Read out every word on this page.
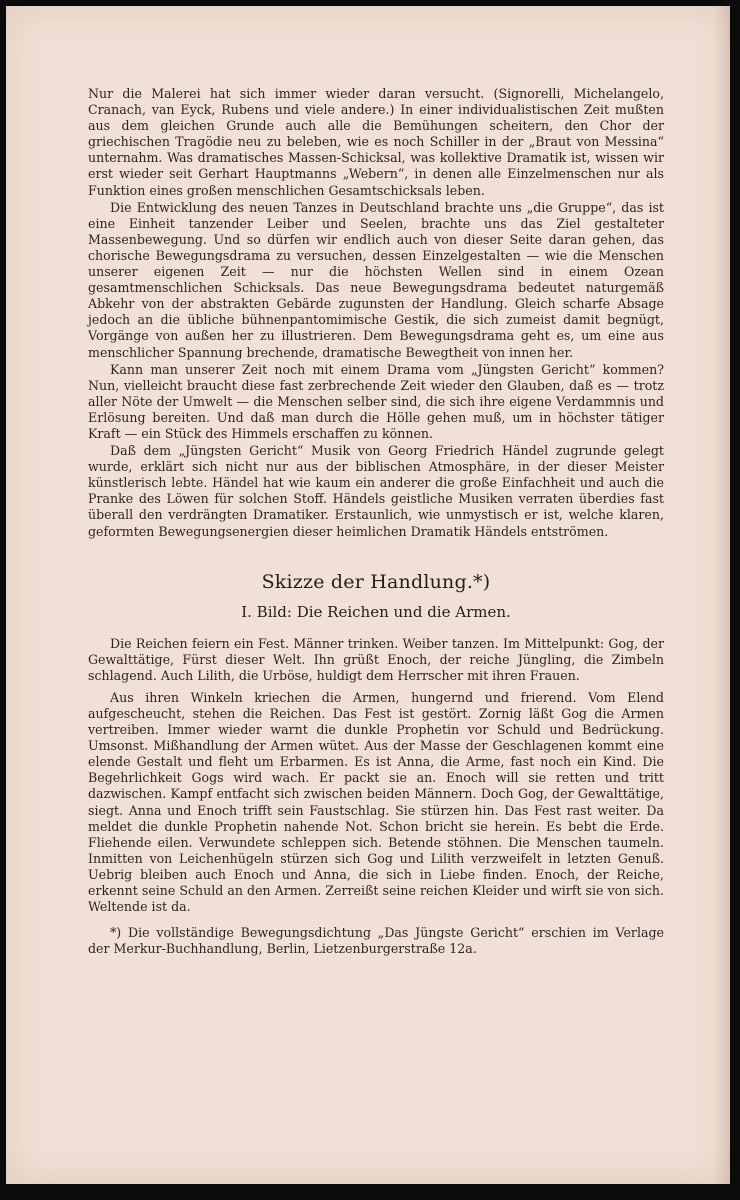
Nur die Malerei hat sich immer wieder daran versucht. (Signorelli, Michelangelo, Cranach, van Eyck, Rubens und viele andere.) In einer individualistischen Zeit mußten aus dem gleichen Grunde auch alle die Bemühungen scheitern, den Chor der griechischen Tragödie neu zu beleben, wie es noch Schiller in der „Braut von Messina“ unternahm. Was dramatisches Massen-Schicksal, was kollektive Dramatik ist, wissen wir erst wieder seit Gerhart Hauptmanns „Webern“, in denen alle Einzelmenschen nur als Funktion eines großen menschlichen Gesamtschicksals leben.

Die Entwicklung des neuen Tanzes in Deutschland brachte uns „die Gruppe“, das ist eine Einheit tanzender Leiber und Seelen, brachte uns das Ziel gestalteter Massenbewegung. Und so dürfen wir endlich auch von dieser Seite daran gehen, das chorische Bewegungsdrama zu versuchen, dessen Einzelgestalten — wie die Menschen unserer eigenen Zeit — nur die höchsten Wellen sind in einem Ozean gesamtmenschlichen Schicksals. Das neue Bewegungsdrama bedeutet naturgemäß Abkehr von der abstrakten Gebärde zugunsten der Handlung. Gleich scharfe Absage jedoch an die übliche bühnenpantomimische Gestik, die sich zumeist damit begnügt, Vorgänge von außen her zu illustrieren. Dem Bewegungsdrama geht es, um eine aus menschlicher Spannung brechende, dramatische Bewegtheit von innen her.

Kann man unserer Zeit noch mit einem Drama vom „Jüngsten Gericht“ kommen? Nun, vielleicht braucht diese fast zerbrechende Zeit wieder den Glauben, daß es — trotz aller Nöte der Umwelt — die Menschen selber sind, die sich ihre eigene Verdammnis und Erlösung bereiten. Und daß man durch die Hölle gehen muß, um in höchster tätiger Kraft — ein Stück des Himmels erschaffen zu können.

Daß dem „Jüngsten Gericht“ Musik von Georg Friedrich Händel zugrunde gelegt wurde, erklärt sich nicht nur aus der biblischen Atmosphäre, in der dieser Meister künstlerisch lebte. Händel hat wie kaum ein anderer die große Einfachheit und auch die Pranke des Löwen für solchen Stoff. Händels geistliche Musiken verraten überdies fast überall den verdrängten Dramatiker. Erstaunlich, wie unmystisch er ist, welche klaren, geformten Bewegungsenergien dieser heimlichen Dramatik Händels entströmen.

Skizze der Handlung.*)

I. Bild: Die Reichen und die Armen.

Die Reichen feiern ein Fest. Männer trinken. Weiber tanzen. Im Mittelpunkt: Gog, der Gewalttätige, Fürst dieser Welt. Ihn grüßt Enoch, der reiche Jüngling, die Zimbeln schlagend. Auch Lilith, die Urböse, huldigt dem Herrscher mit ihren Frauen.

Aus ihren Winkeln kriechen die Armen, hungernd und frierend. Vom Elend aufgescheucht, stehen die Reichen. Das Fest ist gestört. Zornig läßt Gog die Armen vertreiben. Immer wieder warnt die dunkle Prophetin vor Schuld und Bedrückung. Umsonst. Mißhandlung der Armen wütet. Aus der Masse der Geschlagenen kommt eine elende Gestalt und fleht um Erbarmen. Es ist Anna, die Arme, fast noch ein Kind. Die Begehrlichkeit Gogs wird wach. Er packt sie an. Enoch will sie retten und tritt dazwischen. Kampf entfacht sich zwischen beiden Männern. Doch Gog, der Gewalttätige, siegt. Anna und Enoch trifft sein Faustschlag. Sie stürzen hin. Das Fest rast weiter. Da meldet die dunkle Prophetin nahende Not. Schon bricht sie herein. Es bebt die Erde. Fliehende eilen. Verwundete schleppen sich. Betende stöhnen. Die Menschen taumeln. Inmitten von Leichenhügeln stürzen sich Gog und Lilith verzweifelt in letzten Genuß. Uebrig bleiben auch Enoch und Anna, die sich in Liebe finden. Enoch, der Reiche, erkennt seine Schuld an den Armen. Zerreißt seine reichen Kleider und wirft sie von sich. Weltende ist da.

*) Die vollständige Bewegungsdichtung „Das Jüngste Gericht“ erschien im Verlage der Merkur-Buchhandlung, Berlin, Lietzenburgerstraße 12a.
